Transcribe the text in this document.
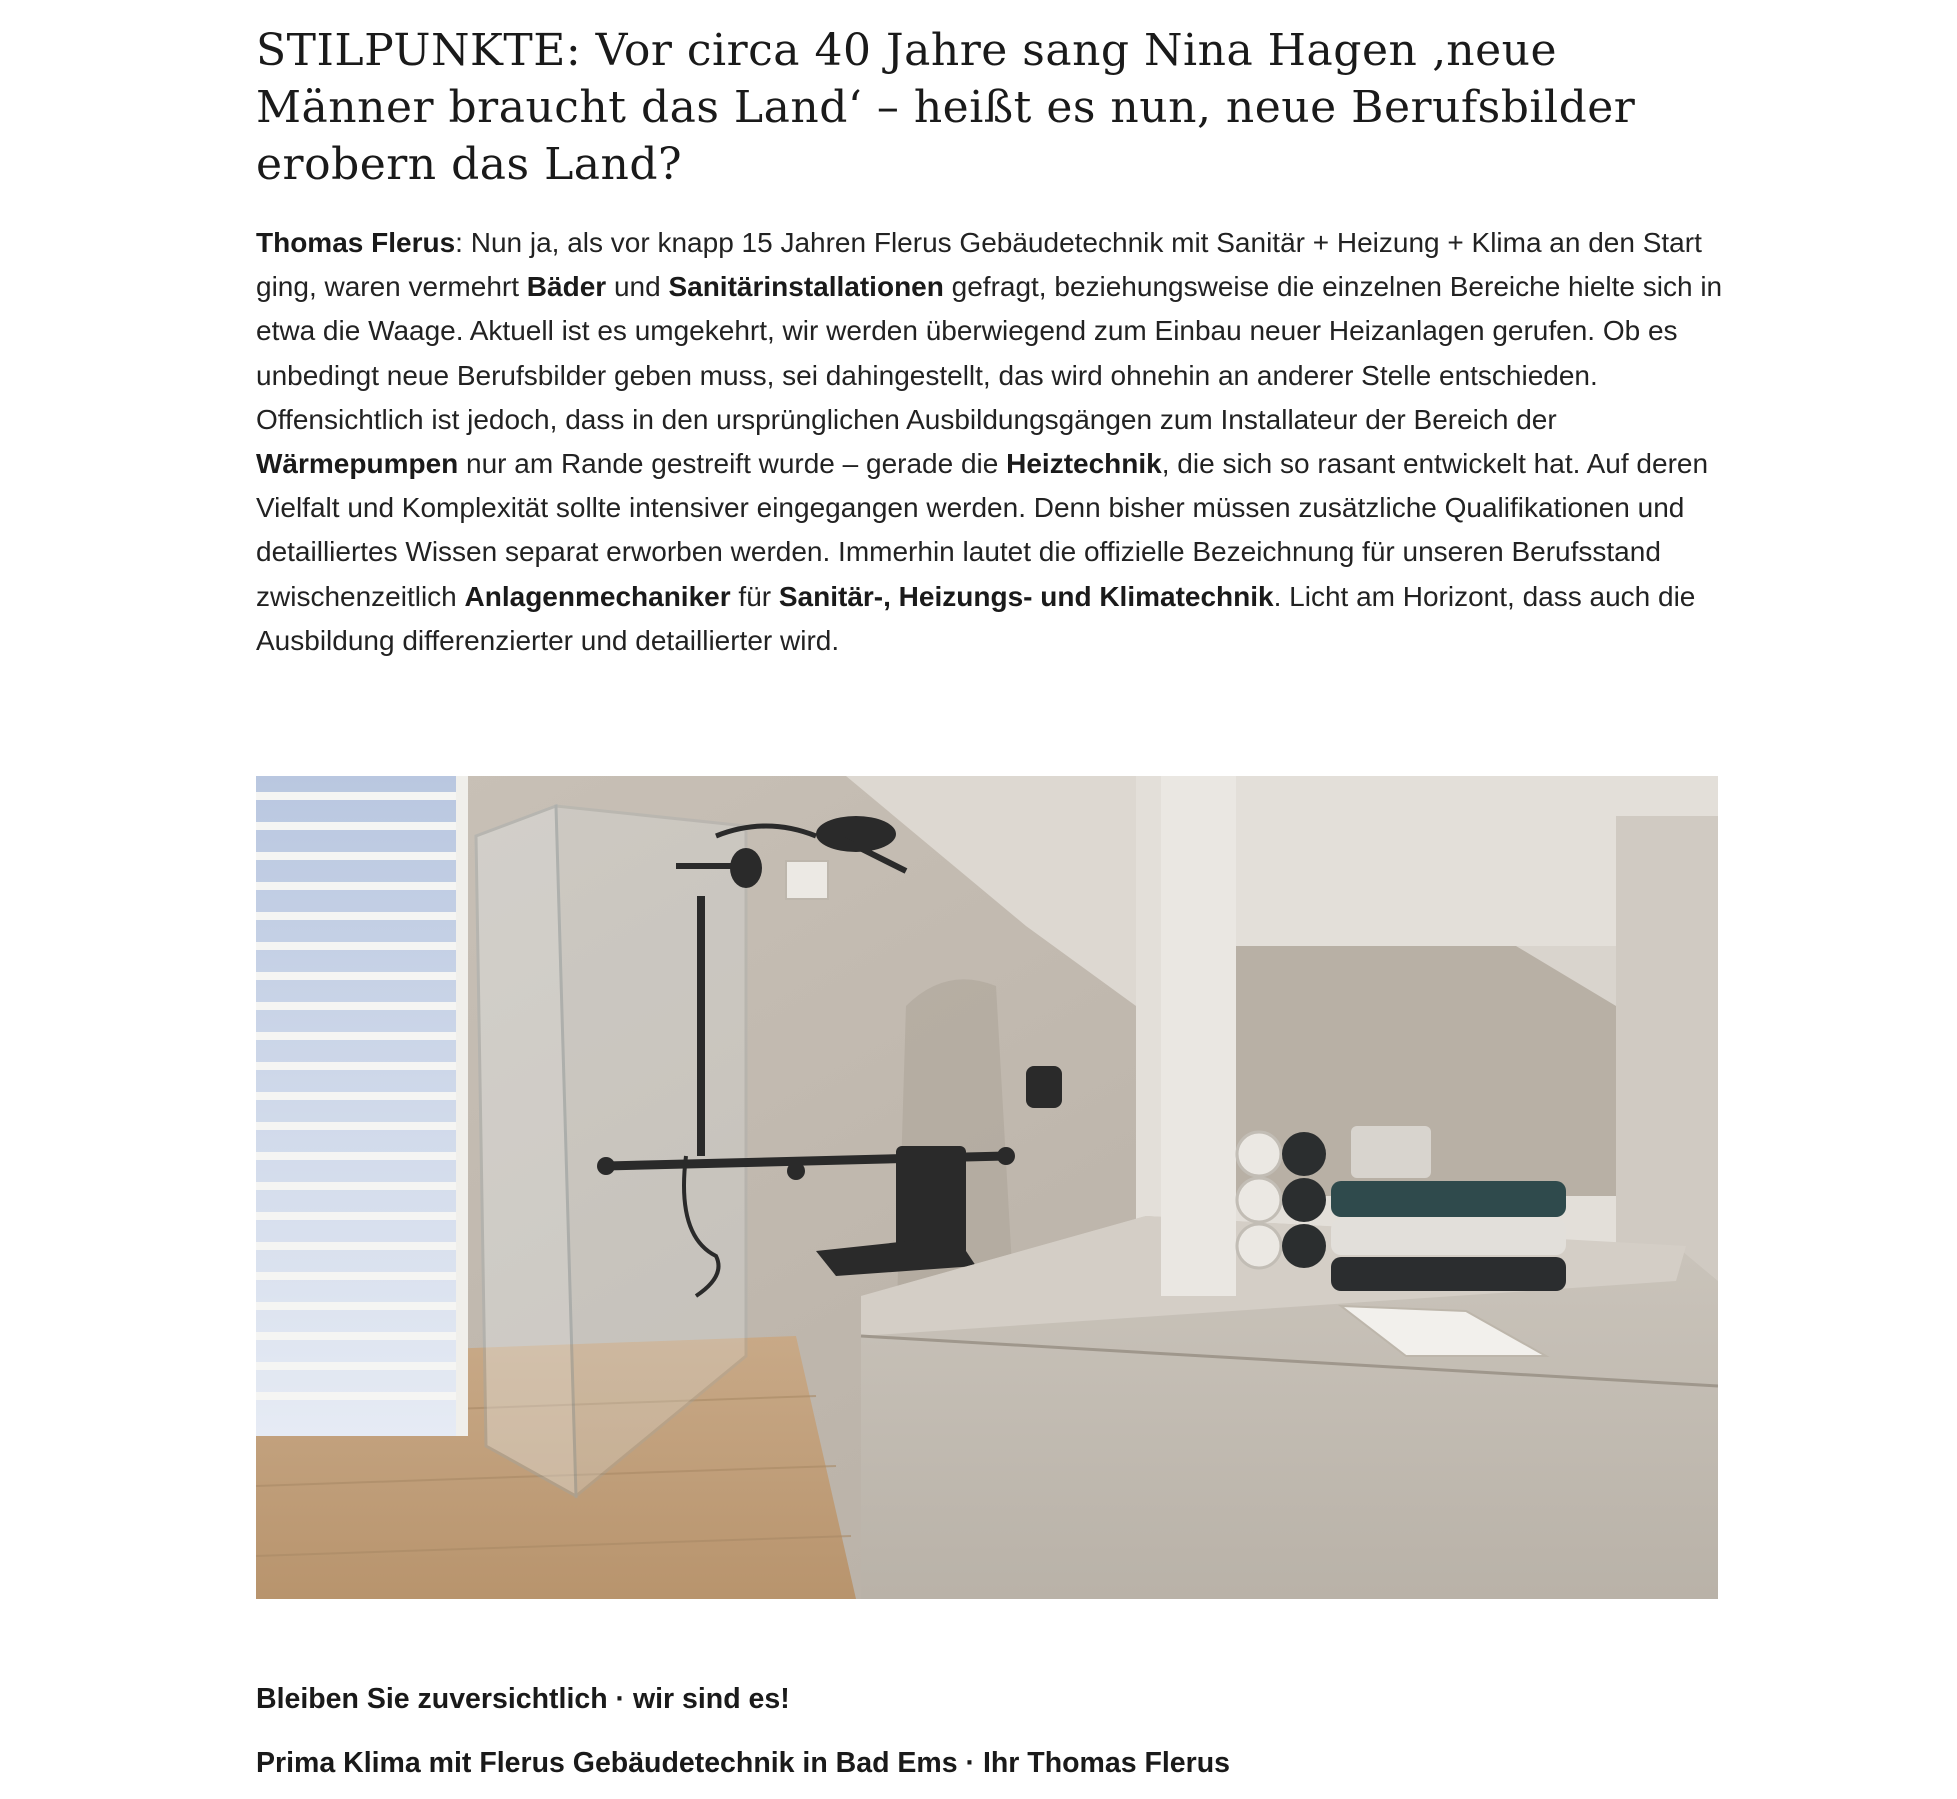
STILPUNKTE: Vor circa 40 Jahre sang Nina Hagen ‚neue Männer braucht das Land‘ – heißt es nun, neue Berufsbilder erobern das Land?

Thomas Flerus: Nun ja, als vor knapp 15 Jahren Flerus Gebäudetechnik mit Sanitär + Heizung + Klima an den Start ging, waren vermehrt Bäder und Sanitärinstallationen gefragt, beziehungsweise die einzelnen Bereiche hielte sich in etwa die Waage. Aktuell ist es umgekehrt, wir werden überwiegend zum Einbau neuer Heizanlagen gerufen. Ob es unbedingt neue Berufsbilder geben muss, sei dahingestellt, das wird ohnehin an anderer Stelle entschieden. Offensichtlich ist jedoch, dass in den ursprünglichen Ausbildungsgängen zum Installateur der Bereich der Wärmepumpen nur am Rande gestreift wurde – gerade die Heiztechnik, die sich so rasant entwickelt hat. Auf deren Vielfalt und Komplexität sollte intensiver eingegangen werden. Denn bisher müssen zusätzliche Qualifikationen und detailliertes Wissen separat erworben werden. Immerhin lautet die offizielle Bezeichnung für unseren Berufsstand zwischenzeitlich Anlagenmechaniker für Sanitär-, Heizungs- und Klimatechnik. Licht am Horizont, dass auch die Ausbildung differenzierter und detaillierter wird.

Bleiben Sie zuversichtlich · wir sind es!

Prima Klima mit Flerus Gebäudetechnik in Bad Ems · Ihr Thomas Flerus
